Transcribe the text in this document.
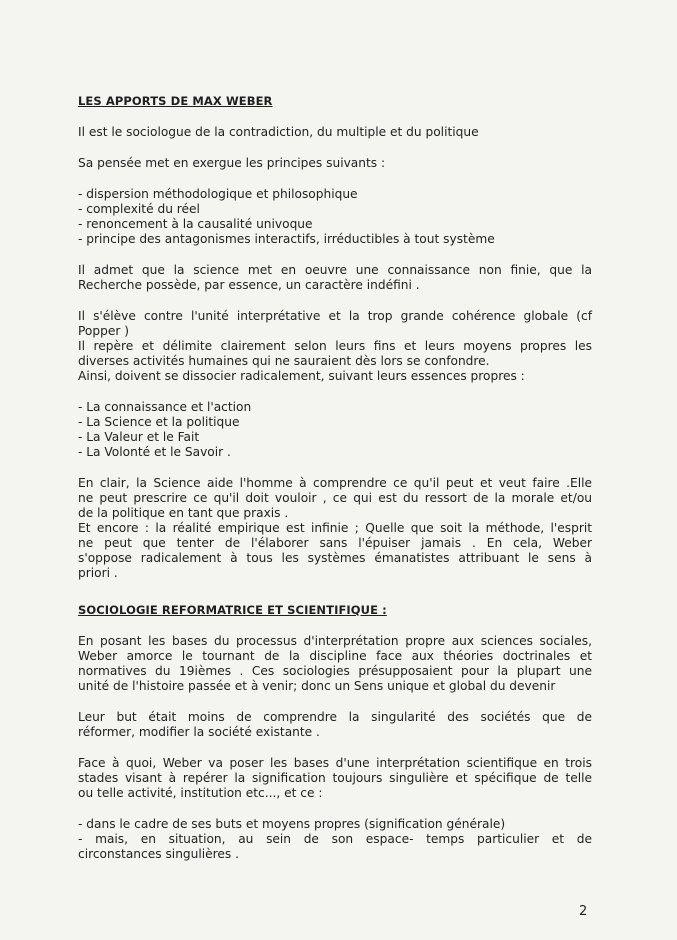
LES APPORTS DE MAX WEBER
Il est le sociologue de la contradiction, du multiple et du politique
Sa pensée met en exergue les principes suivants :
- dispersion méthodologique et philosophique
- complexité du réel
- renoncement à la causalité univoque
- principe des antagonismes interactifs, irréductibles à tout système
Il admet que la science met en oeuvre une connaissance non finie, que la
Recherche possède, par essence, un caractère indéfini .
Il s'élève contre l'unité interprétative et la trop grande cohérence globale (cf
Popper )
Il repère et délimite clairement selon leurs fins et leurs moyens propres les
diverses activités humaines qui ne sauraient dès lors se confondre.
Ainsi, doivent se dissocier radicalement, suivant leurs essences propres :
- La connaissance et l'action
- La Science et la politique
- La Valeur et le Fait
- La Volonté et le Savoir .
En clair, la Science aide l'homme à comprendre ce qu'il peut et veut faire .Elle
ne peut prescrire ce qu'il doit vouloir , ce qui est du ressort de la morale et/ou
de la politique en tant que praxis .
Et encore : la réalité empirique est infinie ; Quelle que soit la méthode, l'esprit
ne peut que tenter de l'élaborer sans l'épuiser jamais . En cela, Weber
s'oppose radicalement à tous les systèmes émanatistes attribuant le sens à
priori .
SOCIOLOGIE REFORMATRICE ET SCIENTIFIQUE :
En posant les bases du processus d'interprétation propre aux sciences sociales,
Weber amorce le tournant de la discipline face aux théories doctrinales et
normatives du 19ièmes . Ces sociologies présupposaient pour la plupart une
unité de l'histoire passée et à venir; donc un Sens unique et global du devenir
Leur but était moins de comprendre la singularité des sociétés que de
réformer, modifier la société existante .
Face à quoi, Weber va poser les bases d'une interprétation scientifique en trois
stades visant à repérer la signification toujours singulière et spécifique de telle
ou telle activité, institution etc..., et ce :
- dans le cadre de ses buts et moyens propres (signification générale)
- mais, en situation, au sein de son espace- temps particulier et de
circonstances singulières .
2
